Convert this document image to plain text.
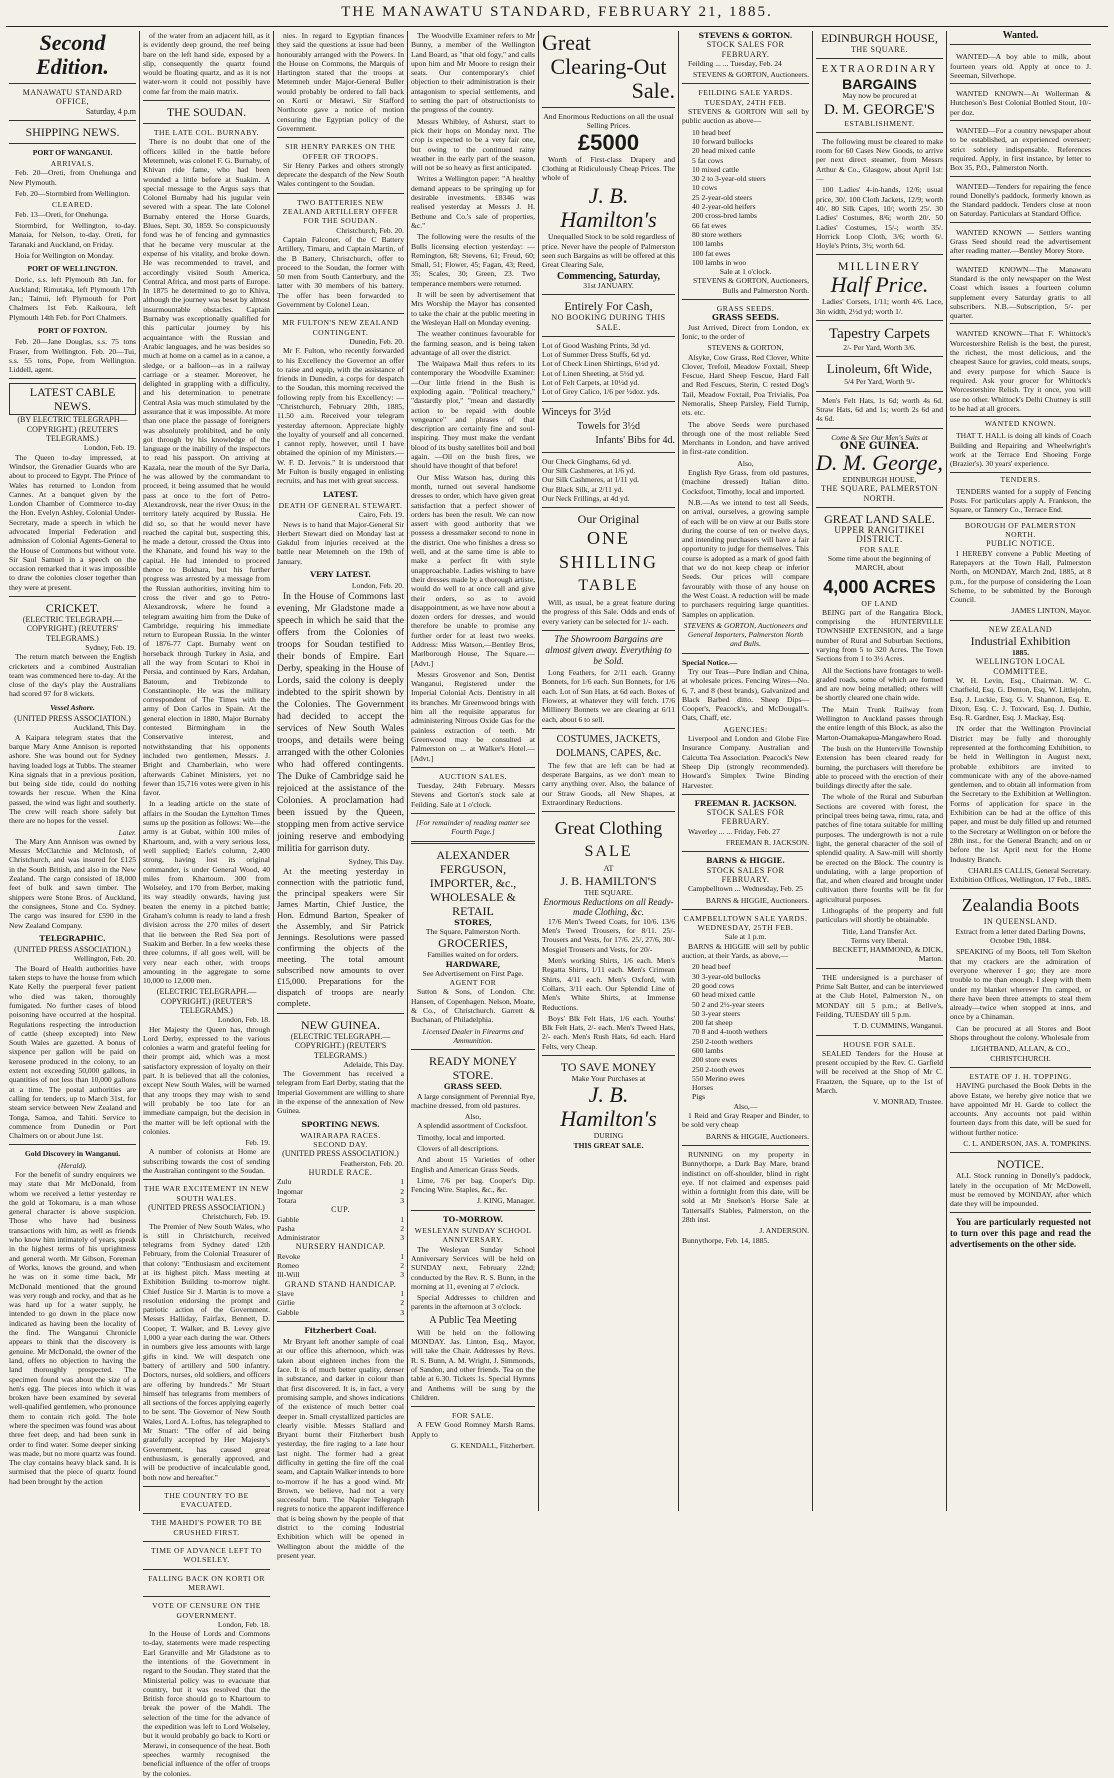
THE MANAWATU STANDARD, FEBRUARY 21, 1885.
Second Edition.
MANAWATU STANDARD OFFICE,
Saturday, 4 p.m
SHIPPING NEWS.
PORT OF WANGANUI.
ARRIVALS.

Feb. 20—Oreti, from Onehunga and New Plymouth.

Feb. 20—Stormbird from Wellington.

CLEARED.

Feb. 13—Oreti, for Onehunga.

Stormbird, for Wellington, to-day. Manaia, for Nelson, to-day. Oreti, for Taranaki and Auckland, on Friday.

Hoia for Wellington on Monday.

PORT OF WELLINGTON.

Doric, s.s. left Plymouth 8th Jan. for Auckland; Rimutaka, left Plymouth 17th Jan.; Tainui, left Plymouth for Port Chalmers 1st Feb. Kaikoura, left Plymouth 14th Feb. for Port Chalmers.

PORT OF FOXTON.

Feb. 20—Jane Douglas, s.s. 75 tons Fraser, from Wellington. Feb. 20—Tui, s.s. 55 tons, Pope, from Wellington. Liddell, agent.

LATEST CABLE NEWS.
(BY ELECTRIC TELEGRAPH—COPYRIGHT.) (REUTER'S TELEGRAMS.)
London, Feb. 19.

The Queen to-day impressed, at Windsor, the Grenadier Guards who are about to proceed to Egypt. The Prince of Wales has returned to London from Cannes. At a banquet given by the London Chamber of Commerce to-day the Hon. Evelyn Ashley, Colonial Under-Secretary, made a speech in which he advocated Imperial Federation and admission of Colonial Agents-General to the House of Commons but without vote. Sir Saul Samuel in a speech on the occasion remarked that it was impossible to draw the colonies closer together than they were at present.

CRICKET.
(ELECTRIC TELEGRAPH.—COPYRIGHT.) (REUTERS' TELEGRAMS.)
Sydney, Feb. 19.

The return match between the English cricketers and a combined Australian team was commenced here to-day. At the close of the day's play the Australians had scored 97 for 8 wickets.

Vessel Ashore.
(UNITED PRESS ASSOCIATION.)
Auckland, This Day.

A Kaipara telegram states that the barque Mary Anne Annison is reported ashore. She was bound out for Sydney having loaded logs at Tubbs. The steamer Kina signals that in a previous position, but being side tide, could do nothing towards her rescue. When the Kina passed, the wind was light and southerly. The crew will reach shore safely but there are no hopes for the vessel.

Later.

The Mary Ann Annison was owned by Messrs McClatchie and McIntosh, of Christchurch, and was insured for £125 in the South British, and also in the New Zealand. The cargo consisted of 18,000 feet of bulk and sawn timber. The shippers were Stone Bros. of Auckland, the consignees, Stone and Co. Sydney. The cargo was insured for £590 in the New Zealand Company.

TELEGRAPHIC.
(UNITED PRESS ASSOCIATION.)
Wellington, Feb. 20.

The Board of Health authorities have taken steps to have the house from which Kate Kelly the puerperal fever patient who died was taken, thoroughly fumigated. No further cases of blood poisoning have occurred at the hospital. Regulations respecting the introduction of cattle (sheep excepted) into New South Wales are gazetted. A bonus of sixpence per gallon will be paid on kerosene produced in the colony, to an extent not exceeding 50,000 gallons, in quantities of not less than 10,000 gallons at a time. The postal authorities are calling for tenders, up to March 31st, for steam service between New Zealand and Tonga, Samoa, and Tahiti. Service to commence from Dunedin or Port Chalmers on or about June 1st.

Gold Discovery in Wanganui.
(Herald).

For the benefit of sundry enquirers we may state that Mr McDonald, from whom we received a letter yesterday re the gold at Tokomaru, is a man whose general character is above suspicion. Those who have had business transactions with him, as well as friends who know him intimately of years, speak in the highest terms of his uprightness and general worth. Mr Gibson, Foreman of Works, knows the ground, and when he was on it some time back, Mr McDonald mentioned that the ground was very rough and rocky, and that as he was hard up for a water supply, he intended to go down in the place now indicated as having been the locality of the find. The Wanganui Chronicle appears to think that the discovery is genuine. Mr McDonald, the owner of the land, offers no objection to having the land thoroughly prospected. The specimen found was about the size of a hen's egg. The pieces into which it was broken have been examined by several well-qualified gentlemen, who pronounce them to contain rich gold. The hole where the specimen was found was about three feet deep, and had been sunk in order to find water. Some deeper sinking was made, but no more quartz was found. The clay contains heavy black sand. It is surmised that the piece of quartz found had been brought by the action

of the water from an adjacent hill, as it is evidently deep ground, the reef being bare on the left hand side, exposed by a slip, consequently the quartz found would be floating quartz, and as it is not water-worn it could not possibly have come far from the main matrix.

THE SOUDAN.
THE LATE COL. BURNABY.

There is no doubt that one of the officers killed in the battle before Metemneh, was colonel F. G. Burnaby, of Khivan ride fame, who had been wounded a little before at Suakim. A special message to the Argus says that Colonel Burnaby had his jugular vein severed with a spear. The late Colonel Burnaby entered the Horse Guards, Blues, Sept. 30, 1859. So conspicuously fond was he of fencing and gymnastics that he became very muscular at the expense of his vitality, and broke down. He was recommended to travel, and accordingly visited South America, Central Africa, and most parts of Europe. In 1875 he determined to go to Khiva, although the journey was beset by almost insurmountable obstacles. Captain Burnaby was exceptionally qualified for this particular journey by his acquaintance with the Russian and Arabic languages, and he was besides so much at home on a camel as in a canoe, a sledge, or a balloon—as in a railway carriage or a steamer. Moreover, he delighted in grappling with a difficulty, and his determination to penetrate Central Asia was much stimulated by the assurance that it was impossible. At more than one place the passage of foreigners was absolutely prohibited, and he only got through by his knowledge of the language or the inability of the inspectors to read his passport. On arriving at Kazala, near the mouth of the Syr Daria, he was allowed by the commandant to proceed, it being assumed that he would pass at once to the fort of Petro-Alexandrovsk, near the river Oxus; in the territory lately acquired by Russia. He did so, so that he would never have reached the capital but, suspecting this, he made a detour, crossed the Oxus into the Khanate, and found his way to the capital. He had intended to proceed thence to Bokhara, but his further progress was arrested by a message from the Russian authorities, inviting him to cross the river and go to Petro-Alexandrovsk, where he found a telegram awaiting him from the Duke of Cambridge, requiring his immediate return to European Russia. In the winter of 1876-77 Capt. Burnaby went on horseback through Turkey in Asia, and all the way from Scutari to Khoi in Persia, and continued by Kars, Ardahan, Batoum, and Trebizonde to Constantinople. He was the military correspondent of The Times with the army of Don Carlos in Spain. At the general election in 1880, Major Burnaby contested Birmingham in the Conservative interest, and notwithstanding that his opponents included two gentlemen, Messrs. J. Bright and Chamberlain, who were afterwards Cabinet Ministers, yet no fewer than 15,716 votes were given in his favor.

In a leading article on the state of affairs in the Soudan the Lyttelton Times sums up the position as follows: We—the army is at Gubat, within 100 miles of Khartoum, and, with a very serious loss, well supplied; Earle's column, 2,400 strong, having lost its original commander, is under General Wood, 40 miles from Khartoum. 300 from Wolseley, and 170 from Berber, making its way steadily onwards, having just beaten the enemy in a pitched battle; Graham's column is ready to land a fresh division across the 270 miles of desert that lie between the Red Sea port of Suakim and Berber. In a few weeks these three columns, if all goes well, will be very near each other, with troops amounting in the aggregate to some 10,000 to 12,000 men.

(ELECTRIC TELEGRAPH.—COPYRIGHT.) (REUTER'S TELEGRAMS.)
London, Feb. 18.

Her Majesty the Queen has, through Lord Derby, expressed to the various colonies a warm and grateful feeling for their prompt aid, which was a most satisfactory expression of loyalty on their part. It is believed that all the colonies, except New South Wales, will be warned that any troops they may wish to send will probably be too late for an immediate campaign, but the decision in the matter will be left optional with the colonies.

Feb. 19.

A number of colonists at Home are subscribing towards the cost of sending the Australian contingent to the Soudan.

THE WAR EXCITEMENT IN NEW SOUTH WALES.
(UNITED PRESS ASSOCIATION.)
Christchurch, Feb. 19.

The Premier of New South Wales, who is still in Christchurch, received telegrams from Sydney dated 12th February, from the Colonial Treasurer of that colony: "Enthusiasm and excitement at its highest pitch. Mass meeting at Exhibition Building to-morrow night. Chief Justice Sir J. Martin is to move a resolution endorsing the prompt and patriotic action of the Government. Messrs Halliday, Fairfax, Bennett, D. Cooper, T. Walker, and B. Levey give 1,000 a year each during the war. Others in numbers give less amounts with large gifts in kind. We will despatch one battery of artillery and 500 infantry. Doctors, nurses, old soldiers, and officers are offering by hundreds." Mr Stuart himself has telegrams from members of all sections of the forces applying eagerly to be sent. The Governor of New South Wales, Lord A. Loftus, has telegraphed to Mr Stuart: "The offer of aid being gratefully accepted by Her Majesty's Government, has caused great enthusiasm, is generally approved, and will be productive of incalculable good, both now and hereafter."

THE COUNTRY TO BE EVACUATED.
THE MAHDI'S POWER TO BE CRUSHED FIRST.
TIME OF ADVANCE LEFT TO WOLSELEY.
FALLING BACK ON KORTI OR MERAWI.
VOTE OF CENSURE ON THE GOVERNMENT.
London, Feb. 18.

In the House of Lords and Commons to-day, statements were made respecting Earl Granville and Mr Gladstone as to the intentions of the Government in regard to the Soudan. They stated that the Ministerial policy was to evacuate that country, but it was resolved that the British force should go to Khartoum to break the power of the Mahdi. The selection of the time for the advance of the expedition was left to Lord Wolseley, but it would probably go back to Korti or Merawi, in consequence of the heat. Both speeches warmly recognised the beneficial influence of the offer of troops by the colonies.

nies. In regard to Egyptian finances they said the questions at issue had been honourably arranged with the Powers. In the House on Commons, the Marquis of Hartington stated that the troops at Metemneh under Major-General Buller would probably be ordered to fall back on Korti or Merawi. Sir Stafford Northcote gave a notice of motion censuring the Egyptian policy of the Government.

SIR HENRY PARKES ON THE OFFER OF TROOPS.

Sir Henry Parkes and others strongly deprecate the despatch of the New South Wales contingent to the Soudan.

TWO BATTERIES NEW ZEALAND ARTILLERY OFFER FOR THE SOUDAN.
Christchurch, Feb. 20.

Captain Falconer, of the C Battery Artillery, Timaru, and Captain Martin, of the B Battery, Christchurch, offer to proceed to the Soudan, the former with 50 men from South Canterbury, and the latter with 30 members of his battery. The offer has been forwarded to Government by Colonel Lean.

MR FULTON'S NEW ZEALAND CONTINGENT.
Dunedin, Feb. 20.

Mr F. Fulton, who recently forwarded to his Excellency the Governor an offer to raise and equip, with the assistance of friends in Dunedin, a corps for despatch to the Soudan, this morning received the following reply from his Excellency: — "Christchurch, February 20th, 1885, 11.50 a.m. Received your telegram yesterday afternoon. Appreciate highly the loyalty of yourself and all concerned. I cannot reply, however, until I have obtained the opinion of my Ministers.—W. F. D. Jervois." It is understood that Mr Fulton is busily engaged in enlisting recruits, and has met with great success.

LATEST.
DEATH OF GENERAL STEWART.
Cairo, Feb. 19.

News is to hand that Major-General Sir Herbert Stewart died on Monday last at Gakdul from injuries received at the battle near Metemneh on the 19th of January.

VERY LATEST.
London, Feb. 20.

In the House of Commons last evening, Mr Gladstone made a speech in which he said that the offers from the Colonies of troops for Soudan testified to their bonds of Empire. Earl Derby, speaking in the House of Lords, said the colony is deeply indebted to the spirit shown by the Colonies. The Government had decided to accept the services of New South Wales troops, and details were being arranged with the other Colonies who had offered contingents. The Duke of Cambridge said he rejoiced at the assistance of the Colonies. A proclamation had been issued by the Queen, stopping men from active service joining reserve and embodying militia for garrison duty.

Sydney, This Day.

At the meeting yesterday in connection with the patriotic fund, the principal speakers were Sir James Martin, Chief Justice, the Hon. Edmund Barton, Speaker of the Assembly, and Sir Patrick Jennings. Resolutions were passed confirming the objects of the meeting. The total amount subscribed now amounts to over £15,000. Preparations for the dispatch of troops are nearly complete.

NEW GUINEA.
(ELECTRIC TELEGRAPH.—COPYRIGHT.) (REUTER'S TELEGRAMS.)
Adelaide, This Day.

The Government has received a telegram from Earl Derby, stating that the Imperial Government are willing to share in the expense of the annexation of New Guinea.

SPORTING NEWS.
WAIRARAPA RACES.
SECOND DAY.
(UNITED PRESS ASSOCIATION.)
Featherston, Feb. 20.
HURDLE RACE.
Zulu	1
Ingomar	2
Totara	3
CUP.
Gabble	1
Pasha	2
Administrator	3
NURSERY HANDICAP.
Revoke	1
Romeo	2
Ill-Will	3
GRAND STAND HANDICAP.
Slave	1
Girlie	2
Gabble	3
Fitzherbert Coal.

Mr Bryant left another sample of coal at our office this afternoon, which was taken about eighteen inches from the face. It is of much better quality, denser in substance, and darker in colour than that first discovered. It is, in fact, a very promising sample, and shows indications of the existence of much better coal deeper in. Small crystallized particles are clearly visible. Messrs Stallard and Bryant burnt their Fitzherbert bush yesterday, the fire raging to a late hour last night. The former had a great difficulty in getting the fire off the coal seam, and Captain Walker intends to bore to-morrow if he has a good wind. Mr Brown, we believe, had not a very successful burn. The Napier Telegraph regrets to notice the apparent indifference that is being shown by the people of that district to the coming Industrial Exhibition which will be opened in Wellington about the middle of the present year.

The Woodville Examiner refers to Mr Bunny, a member of the Wellington Land Board, as "that old fogy," and calls upon him and Mr Moore to resign their seats. Our contemporary's chief objection to their administration is their antagonism to special settlements, and to setting the part of obstructionists to the progress of the country.

Messrs Whibley, of Ashurst, start to pick their hops on Monday next. The crop is expected to be a very fair one, but owing to the continued rainy weather in the early part of the season, will not be so heavy as first anticipated.

Writes a Wellington paper: "A healthy demand appears to be springing up for desirable investments. £8346 was realised yesterday at Messrs J. H. Bethune and Co.'s sale of properties, &c."

The following were the results of the Bulls licensing election yesterday: —Remington, 68; Stevens, 61; Freud, 60; Small, 51; Flower, 45; Fagan, 43; Reed, 35; Scales, 30; Green, 23. Two temperance members were returned.

It will be seen by advertisement that Mrs Worship the Mayor has consented to take the chair at the public meeting in the Wesleyan Hall on Monday evening.

The weather continues favourable for the farming season, and is being taken advantage of all over the district.

The Waipawa Mail thus refers to its contemporary the Woodville Examiner: —Our little friend in the Bush is exploding again. "Political treachery," "dastardly plot," "mean and dastardly action to be repaid with double vengeance" and phrases of that description are certainly fine and soul-inspiring. They must make the verdant blood of its bushy satellites boil and boil again. —Oil on the bush fires, we should have thought of that before!

Our Miss Watson has, during this month, turned out several handsome dresses to order, which have given great satisfaction that a perfect shower of orders has been the result. We can now assert with good authority that we possess a dressmaker second to none in the district. One who finishes a dress so well, and at the same time is able to make a perfect fit with style unapproachable. Ladies wishing to have their dresses made by a thorough artiste, would do well to at once call and give their orders, so as to avoid disappointment, as we have now about a dozen orders for dresses, and would therefore be unable to promise any further order for at least two weeks. Address: Miss Watson,—Bentley Bros, Marlborough House, The Square.—[Advt.]

Messrs Grosvenor and Son, Dentist Wanganui, Registered under the Imperial Colonial Acts. Dentistry in all its branches. Mr Greenwood brings with him all the requisite apparatus for administering Nitrous Oxide Gas for the painless extraction of teeth. Mr Greenwood may be consulted at Palmerston on ... at Walker's Hotel.—[Advt.]

AUCTION SALES.

Tuesday, 24th February. Messrs Stevens and Gorton's stock sale at Feilding. Sale at 1 o'clock.

[For remainder of reading matter see Fourth Page.]
ALEXANDER FERGUSON,
IMPORTER, &c.,
WHOLESALE & RETAIL
STORES,
The Square, Palmerston North.
GROCERIES,
Families waited on for orders.
HARDWARE,
See Advertisement on First Page.
AGENT FOR

Sutton & Sons, of London. Chr. Hansen, of Copenhagen. Nelson, Moate, & Co., of Christchurch. Garrett & Buchanan, of Philadelphia.

Licensed Dealer in Firearms and Ammunition.
READY MONEY STORE.
GRASS SEED.

A large consignment of Perennial Rye, machine dressed, from old pastures.

Also,

A splendid assortment of Cocksfoot.

Timothy, local and imported.

Clovers of all descriptions.

And about 15 Varieties of other English and American Grass Seeds.

Lime, 7/6 per bag. Cooper's Dip. Fencing Wire. Staples, &c., &c.

J. KING, Manager.
TO-MORROW.
WESLEYAN SUNDAY SCHOOL ANNIVERSARY.

The Wesleyan Sunday School Anniversary Services will be held on SUNDAY next, February 22nd; conducted by the Rev. R. S. Bunn, in the morning at 11, evening at 7 o'clock.

Special Addresses to children and parents in the afternoon at 3 o'clock.

A Public Tea Meeting

Will be held on the following MONDAY. Jas. Linton, Esq., Mayor, will take the Chair. Addresses by Revs. R. S. Bunn, A. M. Wright, J. Simmonds, of Sandon, and other friends. Tea on the table at 6.30. Tickets 1s. Special Hymns and Anthems will be sung by the Children.

FOR SALE.

A FEW Good Romney Marsh Rams. Apply to

G. KENDALL, Fitzherbert.
Great
Clearing-Out
Sale.
And Enormous Reductions on all the usual Selling Prices.
£5000

Worth of First-class Drapery and Clothing at Ridiculously Cheap Prices. The whole of

J. B. Hamilton's

Unequalled Stock to be sold regardless of price. Never have the people of Palmerston seen such Bargains as will be offered at this Great Clearing Sale,

Commencing, Saturday,
31st JANUARY.
Entirely For Cash,
NO BOOKING DURING THIS SALE.
Lot of Good Washing Prints, 3d yd.
Lot of Summer Dress Stuffs, 6d yd.
Lot of Check Linen Shirtings, 6½d yd.
Lot of Linen Sheeting, at 5½d yd.
Lot of Felt Carpets, at 10½d yd.
Lot of Grey Calico, 1/6 per ½doz. yds.
Winceys for 3½d
Towels for 3½d
Infants' Bibs for 4d.
Our Check Ginghams, 6d yd.
Our Silk Cashmeres, at 1/6 yd.
Our Silk Cashmeres, at 1/11 yd.
Our Black Silk, at 2/11 yd.
Our Neck Frillings, at 4d yd.
Our Original
ONE SHILLING
TABLE

Will, as usual, be a great feature during the progress of this Sale. Odds and ends of every variety can be selected for 1/- each.

The Showroom Bargains are almost given away. Everything to be Sold.

Long Feathers, for 2/11 each. Granny Bonnets, for 1/6 each. Sun Bonnets, for 1/6 each. Lot of Sun Hats, at 6d each. Boxes of Flowers, at whatever they will fetch. 17/6 Millinery Bonnets we are clearing at 6/11 each, about 6 to sell.

COSTUMES, JACKETS, DOLMANS, CAPES, &c.

The few that are left can be had at desperate Bargains, as we don't mean to carry anything over. Also, the balance of our Straw Goods, all New Shapes, at Extraordinary Reductions.

Great Clothing
SALE
AT
J. B. HAMILTON'S
THE SQUARE.
Enormous Reductions on all Ready-made Clothing, &c.

17/6 Men's Tweed Coats, for 10/6. 13/6 Men's Tweed Trousers, for 8/11. 25/- Trousers and Vests, for 17/6. 25/, 27/6, 30/- Mosgiel Trousers and Vests, for 20/-

Men's working Shirts, 1/6 each. Men's Regatta Shirts, 1/11 each. Men's Crimean Shirts, 4/11 each. Men's Oxford, with Collars, 3/11 each. Our Splendid Line of Men's White Shirts, at Immense Reductions.

Boys' Blk Felt Hats, 1/6 each. Youths' Blk Felt Hats, 2/- each. Men's Tweed Hats, 2/- each. Men's Rush Hats, 6d each. Hard Felts, very Cheap.

TO SAVE MONEY
Make Your Purchases at
J. B. Hamilton's
DURING
THIS GREAT SALE.
STEVENS & GORTON.
STOCK SALES FOR FEBRUARY.

Feilding ... ... Tuesday, Feb. 24

STEVENS & GORTON, Auctioneers.
FEILDING SALE YARDS.
TUESDAY, 24TH FEB.

STEVENS & GORTON Will sell by public auction as above—

10 head beef
10 forward bullocks
20 head mixed cattle
5 fat cows
10 mixed cattle
30 2 to 3-year-old steers
10 cows
25 2-year-old steers
40 2-year-old heifers
200 cross-bred lambs
66 fat ewes
80 store wethers
100 lambs
100 fat ewes
100 lambs in woo
Sale at 1 o'clock.
STEVENS & GORTON, Auctioneers, Bulls and Palmerston North.
GRASS SEEDS.
GRASS SEEDS.

Just Arrived, Direct from London, ex Ionic, to the order of

STEVENS & GORTON,

Alsyke, Cow Grass, Red Clover, White Clover, Trefoil, Meadow Foxtail, Sheep Fescue, Hard Sheep Fescue, Hard Fall and Red Fescues, Sterin, C rested Dog's Tail, Meadow Foxtail, Poa Trivialis, Poa Nemoralis, Sheep Parsley, Field Turnip, ets. etc.

The above Seeds were purchased through one of the most reliable Seed Merchants in London, and have arrived in first-rate condition.

Also,

English Rye Grass, from old pastures, (machine dressed) Italian ditto. Cocksfoot, Timothy, local and imported.

N.B.—As we intend to test all Seeds, on arrival, ourselves, a growing sample of each will be on view at our Bulls store during the course of ten or twelve days, and intending purchasers will have a fair opportunity to judge for themselves. This course is adopted as a mark of good faith that we do not keep cheap or inferior Seeds. Our prices will compare favourably with those of any house on the West Coast. A reduction will be made to purchasers requiring large quantities. Samples on application.

STEVENS & GORTON, Auctioneers and General Importers, Palmerston North and Bulls.
Special Notice.—

Try our Teas—Pure Indian and China, at wholesale prices. Fencing Wires—No. 6, 7, and 8 (best brands), Galvanized and Black Barbed ditto. Sheep Dips—Cooper's, Peacock's, and McDougall's. Oats, Chaff, etc.

AGENCIES:

Liverpool and London and Globe Fire Insurance Company. Australian and Calcutta Tea Association. Peacock's New Sheep Dip (strongly recommended). Howard's Simplex Twine Binding Harvester.

FREEMAN R. JACKSON.
STOCK SALES FOR FEBRUARY.

Waverley ... ... Friday, Feb. 27

FREEMAN R. JACKSON.
BARNS & HIGGIE.
STOCK SALES FOR FEBRUARY.

Campbelltown ... Wednesday, Feb. 25

BARNS & HIGGIE, Auctioneers.
CAMPBELLTOWN SALE YARDS.
WEDNESDAY, 25TH FEB.
Sale at 1 p.m.

BARNS & HIGGIE will sell by public auction, at their Yards, as above,—

20 head beef
30 3-year-old bullocks
20 good cows
60 head mixed cattle
50 2 and 2½-year steers
50 3-year steers
200 fat sheep
70 8 and 4-tooth wethers
250 2-tooth wethers
600 lambs
200 store ewes
250 2-tooth ewes
550 Merino ewes
Horses
Pigs
Also,—

1 Reid and Gray Reaper and Binder, to be sold very cheap

BARNS & HIGGIE, Auctioneers.

RUNNING on my property in Bunnythorpe, a Dark Bay Mare, brand indistinct on off-shoulder, blind in right eye. If not claimed and expenses paid within a fortnight from this date, will be sold at Mr Snelson's Horse Sale at Tattersall's Stables, Palmerston, on the 28th inst.

J. ANDERSON.
Bunnythorpe, Feb. 14, 1885.
EDINBURGH HOUSE,
THE SQUARE.
EXTRAORDINARY
BARGAINS
May now be procured at
D. M. GEORGE'S
ESTABLISHMENT.

The following must be cleared to make room for 60 Cases New Goods, to arrive per next direct steamer, from Messrs Arthur & Co., Glasgow, about April 1st:—

100 Ladies' 4-in-hands, 12/6; usual price, 30/. 100 Cloth Jackets, 12/9; worth 40/. 80 Silk Capes, 10/; worth 25/. 30 Ladies' Costumes, 8/6; worth 20/. 50 Ladies' Costumes, 15/-; worth 35/. Horrick Loop Cloth, 3/6; worth 6/. Hoyle's Prints, 3½; worth 6d.

MILLINERY
Half Price.

Ladies' Corsets, 1/11; worth 4/6. Lace, 3in width, 2½d yd; worth 1/.

Tapestry Carpets
2/- Per Yard, Worth 3/6.
Linoleum, 6ft Wide,
5/4 Per Yard, Worth 9/-

Men's Felt Hats, 1s 6d; worth 4s 6d. Straw Hats, 6d and 1s; worth 2s 6d and 4s 6d.

Come & See Our Men's Suits at
ONE GUINEA.
D. M. George,
EDINBURGH HOUSE,
THE SQUARE, PALMERSTON NORTH.
GREAT LAND SALE.
UPPER RANGITIKEI DISTRICT.
FOR SALE

Some time about the beginning of MARCH, about

4,000 ACRES
OF LAND

BEING part of the Rangatira Block, comprising the HUNTERVILLE TOWNSHIP EXTENSION, and a large number of Rural and Suburban Sections, varying from 5 to 320 Acres. The Town Sections from 1 to 3½ Acres.

All the Sections have frontages to well-graded roads, some of which are formed and are now being metalled; others will be shortly cleared one chain wide.

The Main Trunk Railway from Wellington to Auckland passes through the entire length of this Block, as also the Marton-Otamakapua-Mangawhero Road.

The bush on the Hunterville Township Extension has been cleared ready for burning, the purchasers will therefore be able to proceed with the erection of their buildings directly after the sale.

The whole of the Rural and Suburban Sections are covered with forest, the principal trees being tawa, rimu, rata, and patches of fine totara suitable for milling purposes. The undergrowth is not a rule light, the general character of the soil of splendid quality. A Saw-mill will shortly be erected on the Block. The country is undulating, with a large proportion of flat, and when cleared and brought under cultivation there fourths will be fit for agricultural purposes.

Lithographs of the property and full particulars will shortly be obtainable.

Title, Land Transfer Act.
Terms very liberal.
BECKETT, HAMMOND, & DICK, Marton.

THE undersigned is a purchaser of Prime Salt Butter, and can be interviewed at the Club Hotel, Palmerston N., on MONDAY till 5 p.m.; at Bellve's, Feilding, TUESDAY till 5 p.m.

T. D. CUMMINS, Wanganui.
HOUSE FOR SALE.

SEALED Tenders for the House at present occupied by the Rev. C. Garfield will be received at the Shop of Mr C. Fraatzen, the Square, up to the 1st of March.

V. MONRAD, Trustee.
Wanted.

WANTED—A boy able to milk, about fourteen years old. Apply at once to J. Seeeman, Silverhope.

WANTED KNOWN—At Wollerman & Hutcheson's Best Colonial Bottled Stout, 10/- per doz.

WANTED—For a country newspaper about to be established, an experienced overseer; strict sobriety indispensable. References required. Apply, in first instance, by letter to Box 35, P.O., Palmerston North.

WANTED—Tenders for repairing the fence round Donelly's paddock, formerly known as the Standard paddock. Tenders close at noon on Saturday. Particulars at Standard Office.

WANTED KNOWN — Settlers wanting Grass Seed should read the advertisement after reading matter.—Bentley Morey Store.

WANTED KNOWN—The Manawatu Standard is the only newspaper on the West Coast which issues a fourteen column supplement every Saturday gratis to all subscribers. N.B.—Subscription, 5/- per quarter.

WANTED KNOWN—That F. Whittock's Worcestershire Relish is the best, the purest, the richest, the most delicious, and the cheapest Sauce for gravies, cold meats, soups, and every purpose for which Sauce is required. Ask your grocer for Whittock's Worcestershire Relish. Try it once, you will use no other. Whittock's Delhi Chutney is still to be had at all grocers.

WANTED KNOWN.

THAT T. HALL is doing all kinds of Coach Building and Repairing and Wheelwright's work at the Terrace End Shoeing Forge (Brazier's). 30 years' experience.

TENDERS.

TENDERS wanted for a supply of Fencing Posts. For particulars apply A. Frankson, the Square, or Tannery Co., Terrace End.

BOROUGH OF PALMERSTON NORTH.
PUBLIC NOTICE.

I HEREBY convene a Public Meeting of Ratepayers at the Town Hall, Palmerston North, on MONDAY, March 2nd, 1885, at 8 p.m., for the purpose of considering the Loan Scheme, to be submitted by the Borough Council.

JAMES LINTON, Mayor.
NEW ZEALAND
Industrial Exhibition
1885.
WELLINGTON LOCAL COMMITTEE.

W. H. Levin, Esq., Chairman. W. C. Chatfield, Esq. G. Denton, Esq. W. Littlejohn, Esq. J. Luckie, Esq. G. V. Shannon, Esq. E. Dixon, Esq. C. J. Toxward, Esq. J. Duthie, Esq. R. Gardner, Esq. J. Mackay, Esq.

IN order that the Wellington Provincial District may be fully and thoroughly represented at the forthcoming Exhibition, to be held in Wellington in August next, probable exhibitors are invited to communicate with any of the above-named gentlemen, and to obtain all information from the Secretary to the Exhibition at Wellington. Forms of application for space in the Exhibition can be had at the office of this paper, and must be duly filled up and returned to the Secretary at Wellington on or before the 28th inst., for the General Branch; and on or before the 1st April next for the Home Industry Branch.

CHARLES CALLIS, General Secretary. Exhibition Offices, Wellington, 17 Feb., 1885.
Zealandia Boots
IN QUEENSLAND.

Extract from a letter dated Darling Downs, October 19th, 1884.

SPEAKING of my Boots, tell Tom Skelton that my crackers are the admiration of everyone wherever I go; they are more trouble to me than enough. I sleep with them under my blanket wherever I'm camped, or there have been three attempts to steal them already—twice when stopped at inns, and once by a Chinaman.

Can be procured at all Stores and Boot Shops throughout the colony. Wholesale from

LIGHTBAND, ALLAN, & CO., CHRISTCHURCH.
ESTATE OF J. H. TOPPING.

HAVING purchased the Book Debts in the above Estate, we hereby give notice that we have appointed Mr H. Garde to collect the accounts. Any accounts not paid within fourteen days from this date, will be sued for without further notice.

C. L. ANDERSON, JAS. A. TOMPKINS.
NOTICE.

ALL Stock running in Donelly's paddock, lately in the occupation of Mr McDowell, must be removed by MONDAY, after which date they will be impounded.

You are particularly requested not to turn over this page and read the advertisements on the other side.
